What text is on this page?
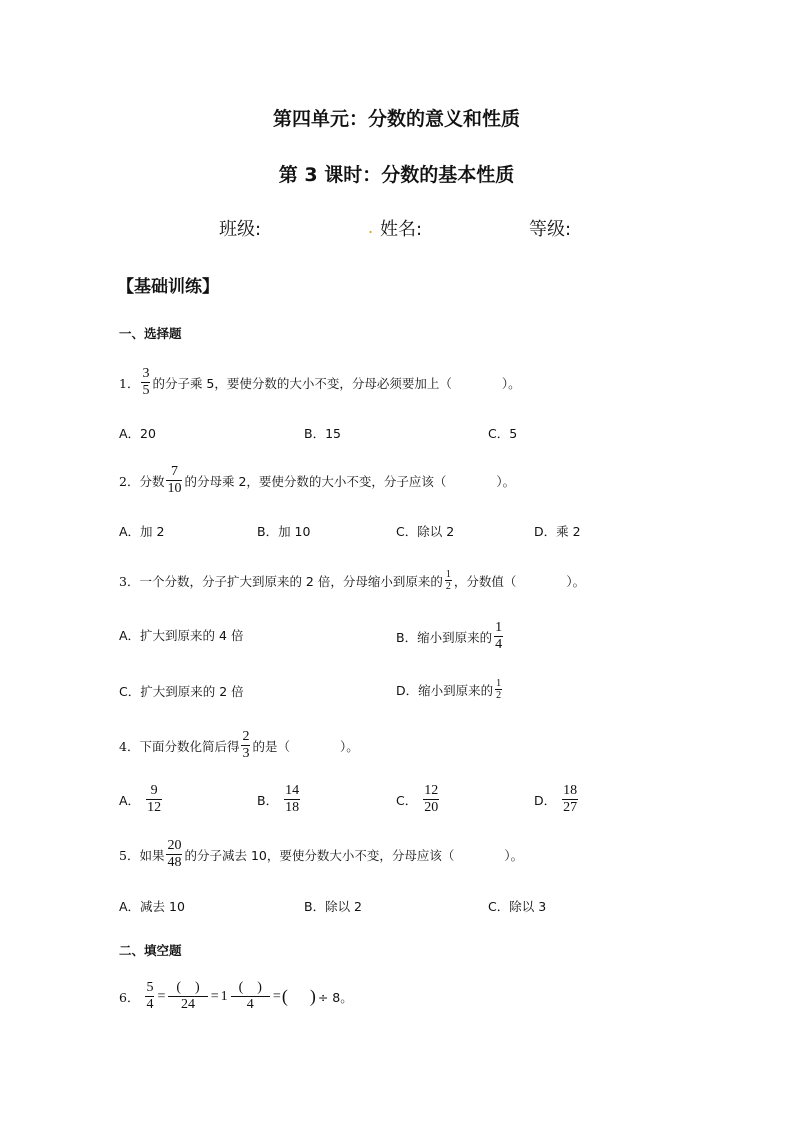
第四单元：分数的意义和性质
第 3 课时：分数的基本性质
班级:	. 姓名:	等级:
【基础训练】
一、选择题
1． $\frac{3}{5}$ 的分子乘 5，要使分数的大小不变，分母必须要加上（　　　　）。
A．20	B．15	C．5
2． 分数 $\frac{7}{10}$ 的分母乘 2，要使分数的大小不变，分子应该（　　　　）。
A．加 2	B．加 10	C．除以 2	D．乘 2
3． 一个分数，分子扩大到原来的 2 倍，分母缩小到原来的 $\frac{1}{2}$ ，分数值（　　　　）。
A．扩大到原来的 4 倍	B．缩小到原来的 $\frac{1}{4}$
C．扩大到原来的 2 倍	D．缩小到原来的 $\frac{1}{2}$
4． 下面分数化简后得 $\frac{2}{3}$ 的是（　　　　）。
A． $\frac{9}{12}$	B． $\frac{14}{18}$	C． $\frac{12}{20}$	D． $\frac{18}{27}$
5． 如果 $\frac{20}{48}$ 的分子减去 10，要使分数大小不变，分母应该（　　　　）。
A．减去 10	B．除以 2	C．除以 3
二、填空题
6． $\frac{5}{4} = \frac{( )}{24} = 1 \frac{( )}{4}$ = ( ) ÷ 8。
